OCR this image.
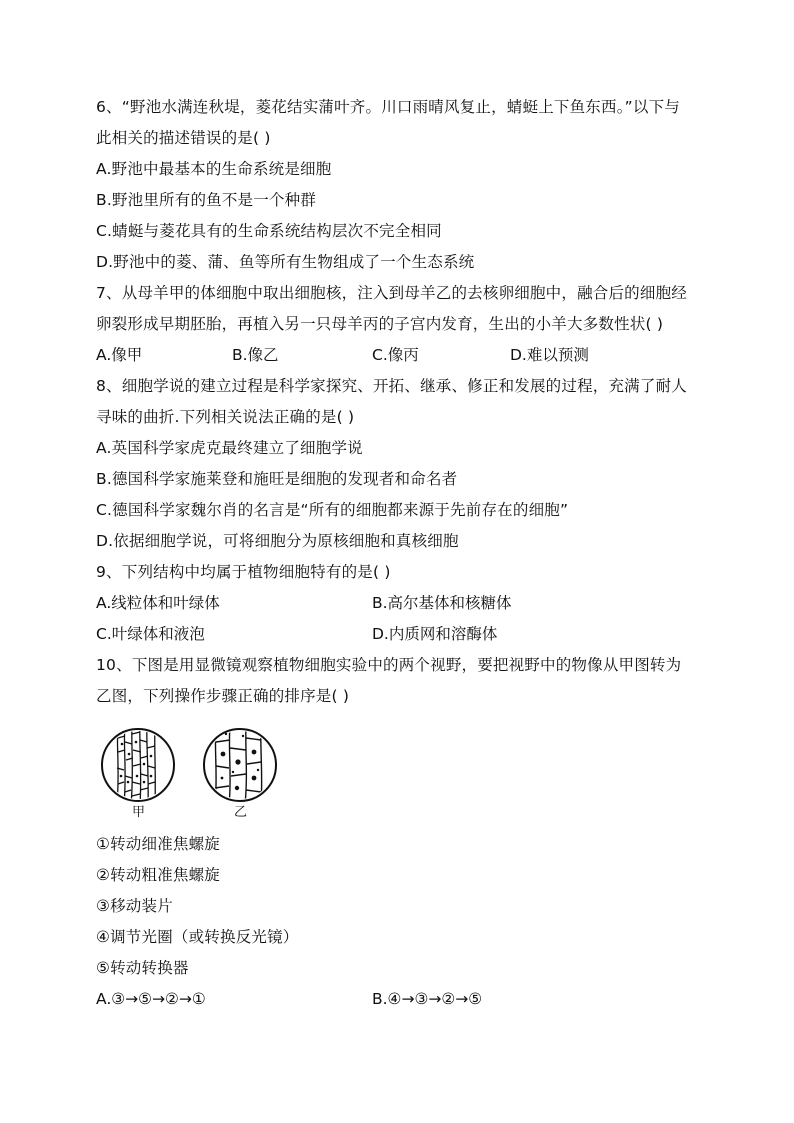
6、“野池水满连秋堤，菱花结实蒲叶齐。川口雨晴风复止，蜻蜓上下鱼东西。”以下与
此相关的描述错误的是( )
A.野池中最基本的生命系统是细胞
B.野池里所有的鱼不是一个种群
C.蜻蜓与菱花具有的生命系统结构层次不完全相同
D.野池中的菱、蒲、鱼等所有生物组成了一个生态系统
7、从母羊甲的体细胞中取出细胞核，注入到母羊乙的去核卵细胞中，融合后的细胞经
卵裂形成早期胚胎，再植入另一只母羊丙的子宫内发育，生出的小羊大多数性状( )
A.像甲	B.像乙	C.像丙	D.难以预测
8、细胞学说的建立过程是科学家探究、开拓、继承、修正和发展的过程，充满了耐人
寻味的曲折.下列相关说法正确的是( )
A.英国科学家虎克最终建立了细胞学说
B.德国科学家施莱登和施旺是细胞的发现者和命名者
C.德国科学家魏尔肖的名言是“所有的细胞都来源于先前存在的细胞”
D.依据细胞学说，可将细胞分为原核细胞和真核细胞
9、下列结构中均属于植物细胞特有的是( )
A.线粒体和叶绿体	B.高尔基体和核糖体
C.叶绿体和液泡	D.内质网和溶酶体
10、下图是用显微镜观察植物细胞实验中的两个视野，要把视野中的物像从甲图转为
乙图，下列操作步骤正确的排序是( )
甲	乙
①转动细准焦螺旋
②转动粗准焦螺旋
③移动装片
④调节光圈（或转换反光镜）
⑤转动转换器
A.③→⑤→②→①	B.④→③→②→⑤
